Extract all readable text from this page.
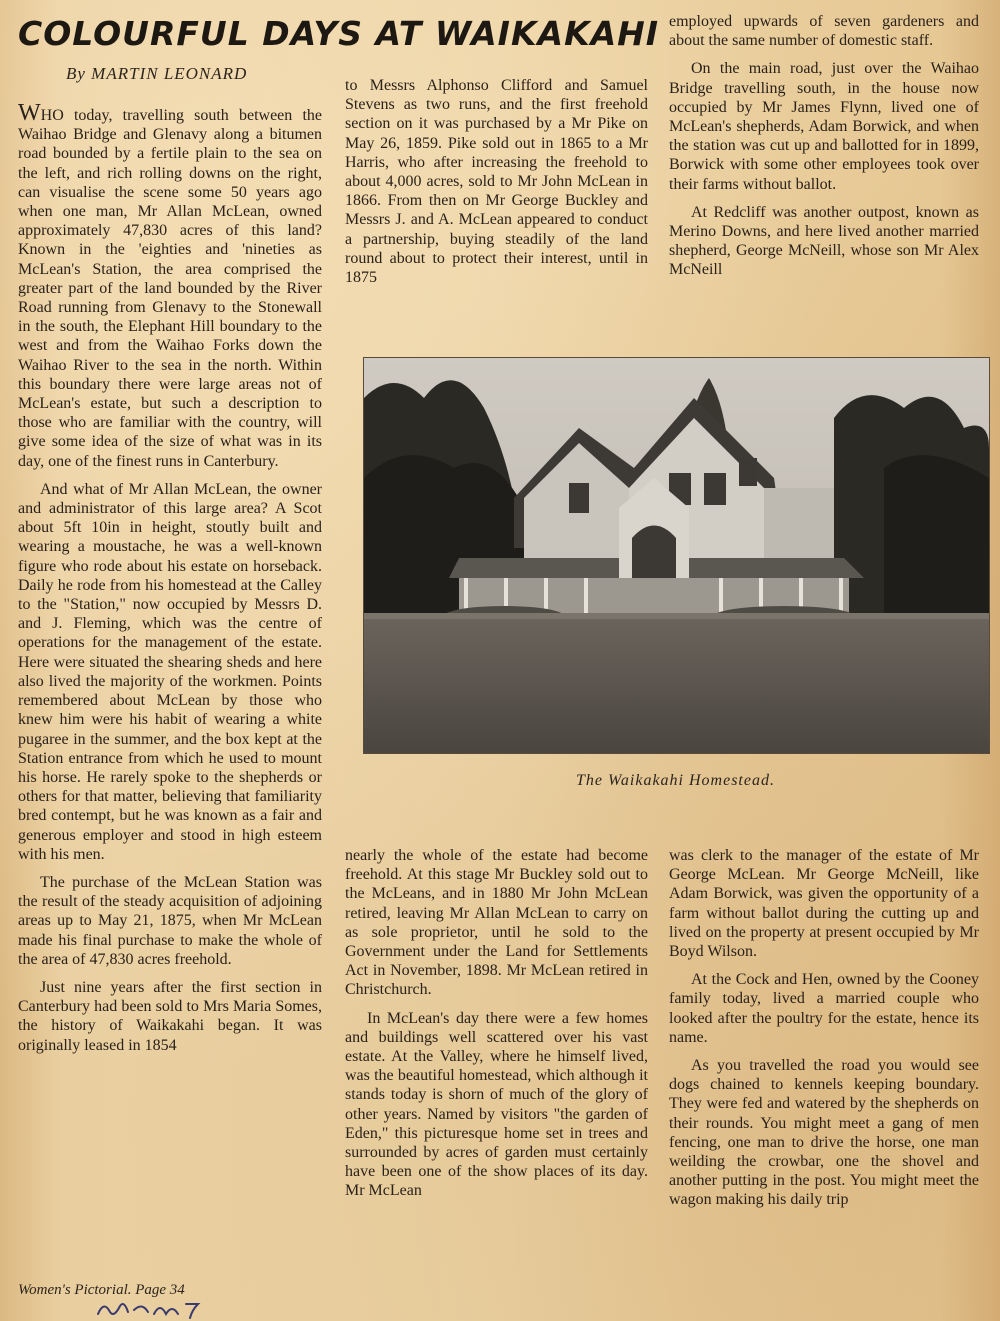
COLOURFUL DAYS AT WAIKAKAHI

By MARTIN LEONARD

WHO today, travelling south between the Waihao Bridge and Glenavy along a bitumen road bounded by a fertile plain to the sea on the left, and rich rolling downs on the right, can visualise the scene some 50 years ago when one man, Mr Allan McLean, owned approximately 47,830 acres of this land? Known in the 'eighties and 'nineties as McLean's Station, the area comprised the greater part of the land bounded by the River Road running from Glenavy to the Stonewall in the south, the Elephant Hill boundary to the west and from the Waihao Forks down the Waihao River to the sea in the north. Within this boundary there were large areas not of McLean's estate, but such a description to those who are familiar with the country, will give some idea of the size of what was in its day, one of the finest runs in Canterbury.

And what of Mr Allan McLean, the owner and administrator of this large area? A Scot about 5ft 10in in height, stoutly built and wearing a moustache, he was a well-known figure who rode about his estate on horseback. Daily he rode from his homestead at the Calley to the "Station," now occupied by Messrs D. and J. Fleming, which was the centre of operations for the management of the estate. Here were situated the shearing sheds and here also lived the majority of the workmen. Points remembered about McLean by those who knew him were his habit of wearing a white pugaree in the summer, and the box kept at the Station entrance from which he used to mount his horse. He rarely spoke to the shepherds or others for that matter, believing that familiarity bred contempt, but he was known as a fair and generous employer and stood in high esteem with his men.

The purchase of the McLean Station was the result of the steady acquisition of adjoining areas up to May 21, 1875, when Mr McLean made his final purchase to make the whole of the area of 47,830 acres freehold.

Just nine years after the first section in Canterbury had been sold to Mrs Maria Somes, the history of Waikakahi began. It was originally leased in 1854

to Messrs Alphonso Clifford and Samuel Stevens as two runs, and the first freehold section on it was purchased by a Mr Pike on May 26, 1859. Pike sold out in 1865 to a Mr Harris, who after increasing the freehold to about 4,000 acres, sold to Mr John McLean in 1866. From then on Mr George Buckley and Messrs J. and A. McLean appeared to conduct a partnership, buying steadily of the land round about to protect their interest, until in 1875

employed upwards of seven gardeners and about the same number of domestic staff.

On the main road, just over the Waihao Bridge travelling south, in the house now occupied by Mr James Flynn, lived one of McLean's shepherds, Adam Borwick, and when the station was cut up and ballotted for in 1899, Borwick with some other employees took over their farms without ballot.

At Redcliff was another outpost, known as Merino Downs, and here lived another married shepherd, George McNeill, whose son Mr Alex McNeill

The Waikakahi Homestead.

nearly the whole of the estate had become freehold. At this stage Mr Buckley sold out to the McLeans, and in 1880 Mr John McLean retired, leaving Mr Allan McLean to carry on as sole proprietor, until he sold to the Government under the Land for Settlements Act in November, 1898. Mr McLean retired in Christchurch.

In McLean's day there were a few homes and buildings well scattered over his vast estate. At the Valley, where he himself lived, was the beautiful homestead, which although it stands today is shorn of much of the glory of other years. Named by visitors "the garden of Eden," this picturesque home set in trees and surrounded by acres of garden must certainly have been one of the show places of its day. Mr McLean

was clerk to the manager of the estate of Mr George McLean. Mr George McNeill, like Adam Borwick, was given the opportunity of a farm without ballot during the cutting up and lived on the property at present occupied by Mr Boyd Wilson.

At the Cock and Hen, owned by the Cooney family today, lived a married couple who looked after the poultry for the estate, hence its name.

As you travelled the road you would see dogs chained to kennels keeping boundary. They were fed and watered by the shepherds on their rounds. You might meet a gang of men fencing, one man to drive the horse, one man weilding the crowbar, one the shovel and another putting in the post. You might meet the wagon making his daily trip

Women's Pictorial. Page 34
